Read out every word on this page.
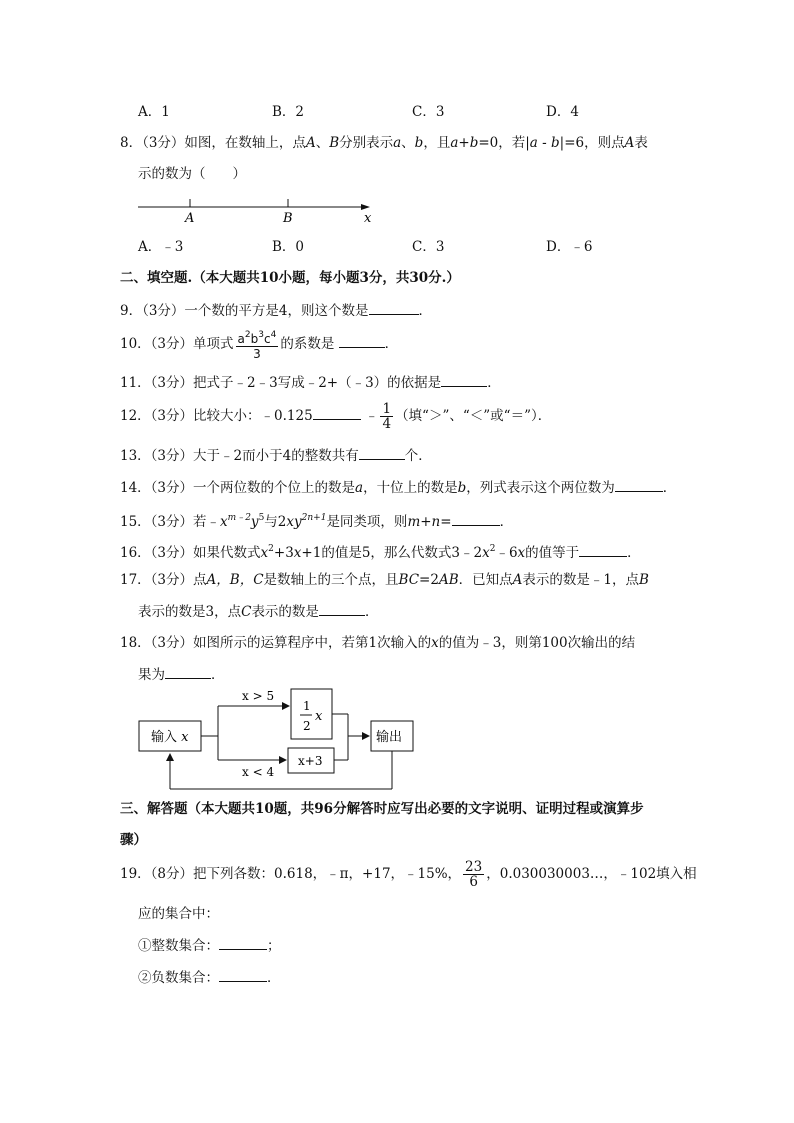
A．1	B．2	C．3	D．4
8．（3分）如图，在数轴上，点A、B分别表示a、b，且a+b=0，若|a - b|=6，则点A表
示的数为（　　）
A	B	x
A．﹣3	B．0	C．3	D．﹣6
二、填空题.（本大题共10小题，每小题3分，共30分.）
9．（3分）一个数的平方是4，则这个数是	．
10．（3分）单项式 $\frac{a^2b^3c^4}{3}$ 的系数是	．
11．（3分）把式子﹣2﹣3写成﹣2+（﹣3）的依据是	．
12．（3分）比较大小：﹣0.125	﹣ $\frac{1}{4}$ （填“＞”、“＜”或“＝”）．
13．（3分）大于﹣2而小于4的整数共有	个．
14．（3分）一个两位数的个位上的数是a，十位上的数是b，列式表示这个两位数为	．
15．（3分）若$﹣x^{m﹣2}y^5$与$2xy^{2n+1}$是同类项，则m+n=	．
16．（3分）如果代数式$x^2+3x+1$的值是5，那么代数式$3﹣2x^2﹣6x$的值等于	．
17．（3分）点A，B，C是数轴上的三个点，且BC=2AB．已知点A表示的数是﹣1，点B
表示的数是3，点C表示的数是	．
18．（3分）如图所示的运算程序中，若第1次输入的x的值为﹣3，则第100次输出的结
果为	．
输入 x
x > 5
x < 4
1
2
x
x+3
输出
三、解答题（本大题共10题，共96分解答时应写出必要的文字说明、证明过程或演算步
骤）
19．（8分）把下列各数：0.618，﹣π，+17，﹣15%， $\frac{23}{6}$ ，0.030030003…，﹣102填入相
应的集合中：
①整数集合：	；
②负数集合：	．
